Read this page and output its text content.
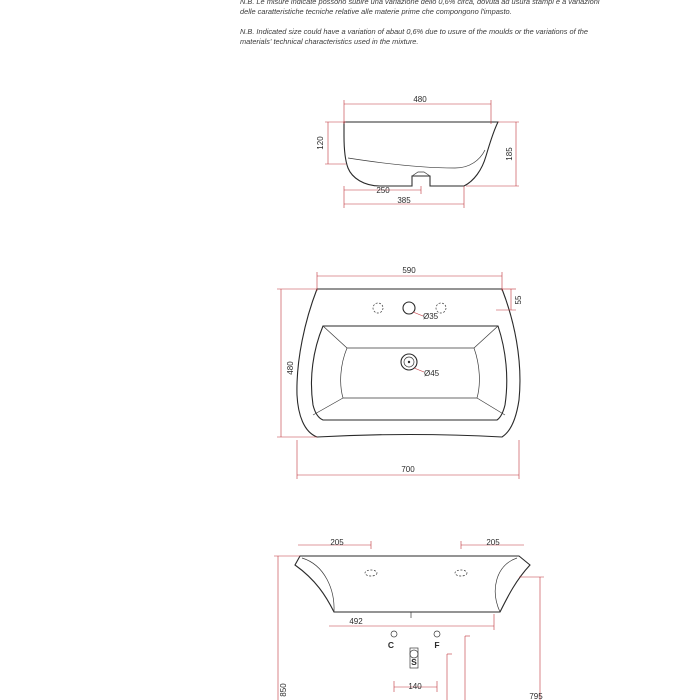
N.B. Le misure indicate possono subire una variazione dello 0,6% circa, dovuta ad usura stampi e a variazioni

delle caratteristiche tecniche relative alle materie prime che compongono l'impasto.

N.B. Indicated size could have a variation of abaut 0,6% due to usure of the moulds or the variations of the

materials' technical characteristics used in the mixture.

480
120
185
250
385
Ø35
Ø45
590
55
480
700
205	205
492
C	F
S
140
850	795
